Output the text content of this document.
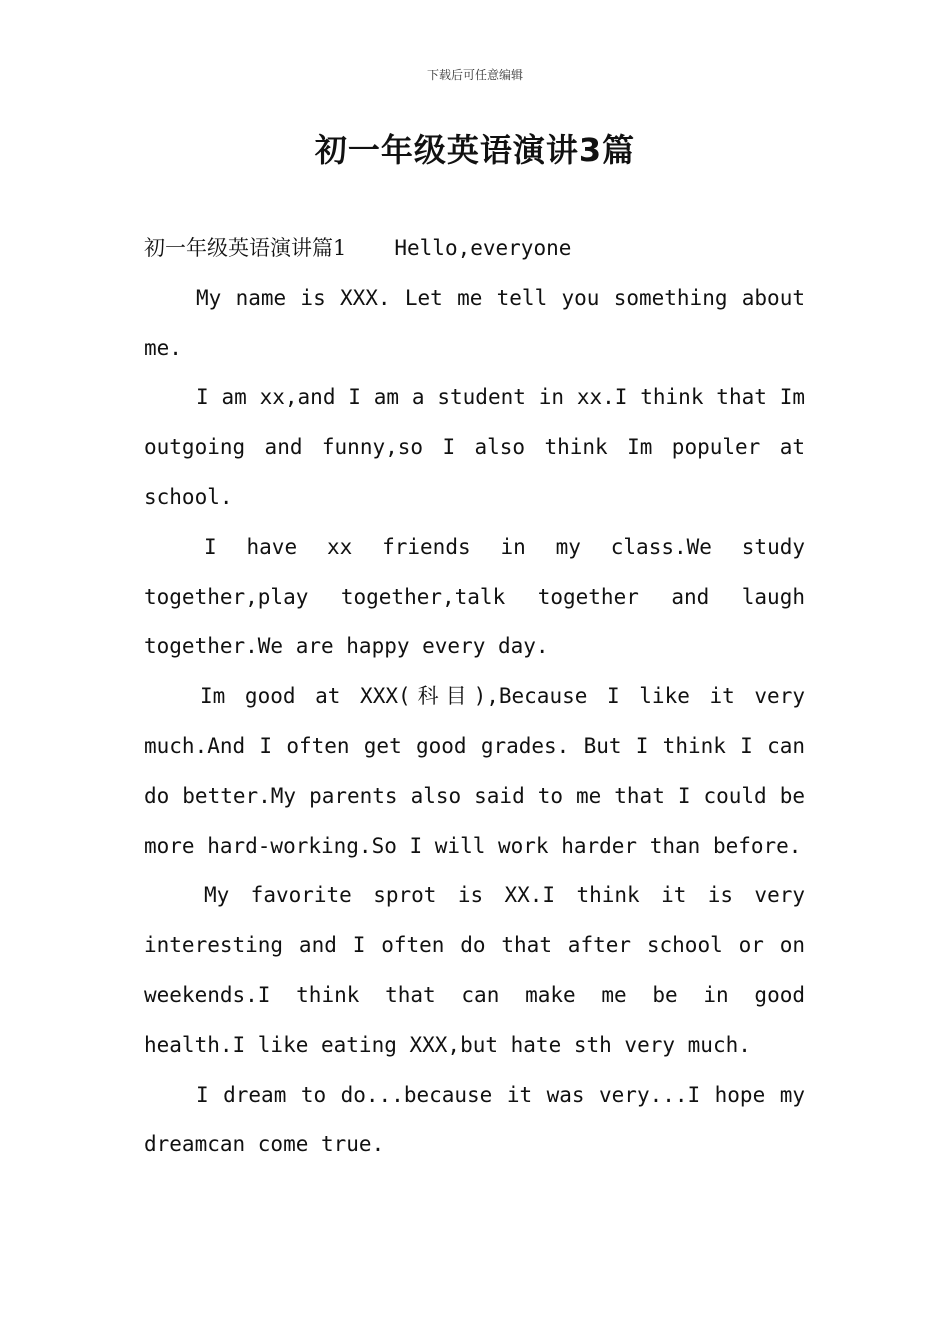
下载后可任意编辑
初一年级英语演讲3篇
初一年级英语演讲篇1 Hello,everyone

My name is XXX. Let me tell you something about me.

I am xx,and I am a student in xx.I think that Im outgoing and funny,so I also think Im populer at school.

I have xx friends in my class.We study together,play together,talk together and laugh together.We are happy every day.

Im good at XXX(科目),Because I like it very much.And I often get good grades. But I think I can do better.My parents also said to me that I could be more hard-working.So I will work harder than before.

My favorite sprot is XX.I think it is very interesting and I often do that after school or on weekends.I think that can make me be in good health.I like eating XXX,but hate sth very much.

I dream to do...because it was very...I hope my dreamcan come true.
